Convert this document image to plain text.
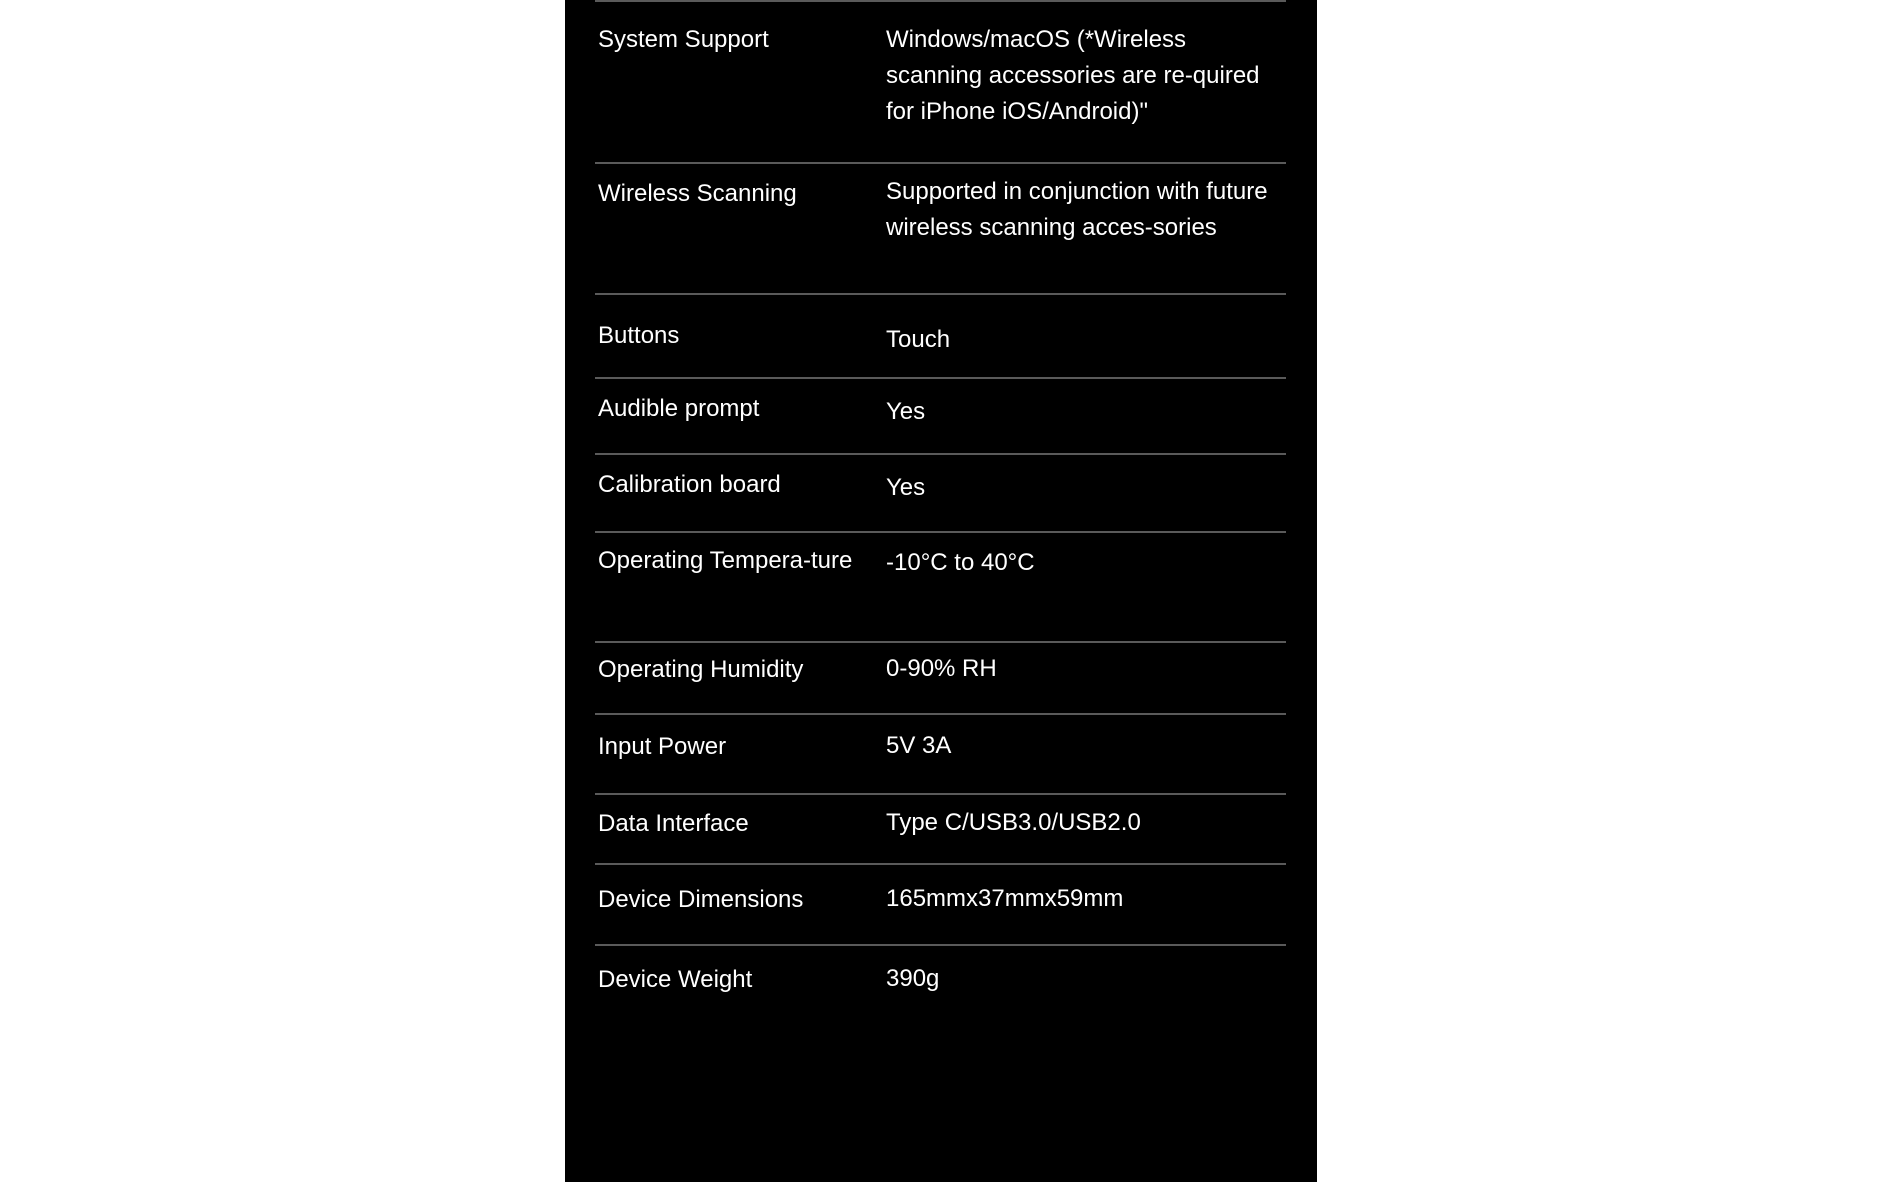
System Support	Windows/macOS (*Wireless scanning accessories are re-quired for iPhone iOS/Android)"
Wireless Scanning	Supported in conjunction with future wireless scanning acces-sories
Buttons	Touch
Audible prompt	Yes
Calibration board	Yes
Operating Tempera-ture	-10°C to 40°C
Operating Humidity	0-90% RH
Input Power	5V 3A
Data Interface	Type C/USB3.0/USB2.0
Device Dimensions	165mmx37mmx59mm
Device Weight	390g
